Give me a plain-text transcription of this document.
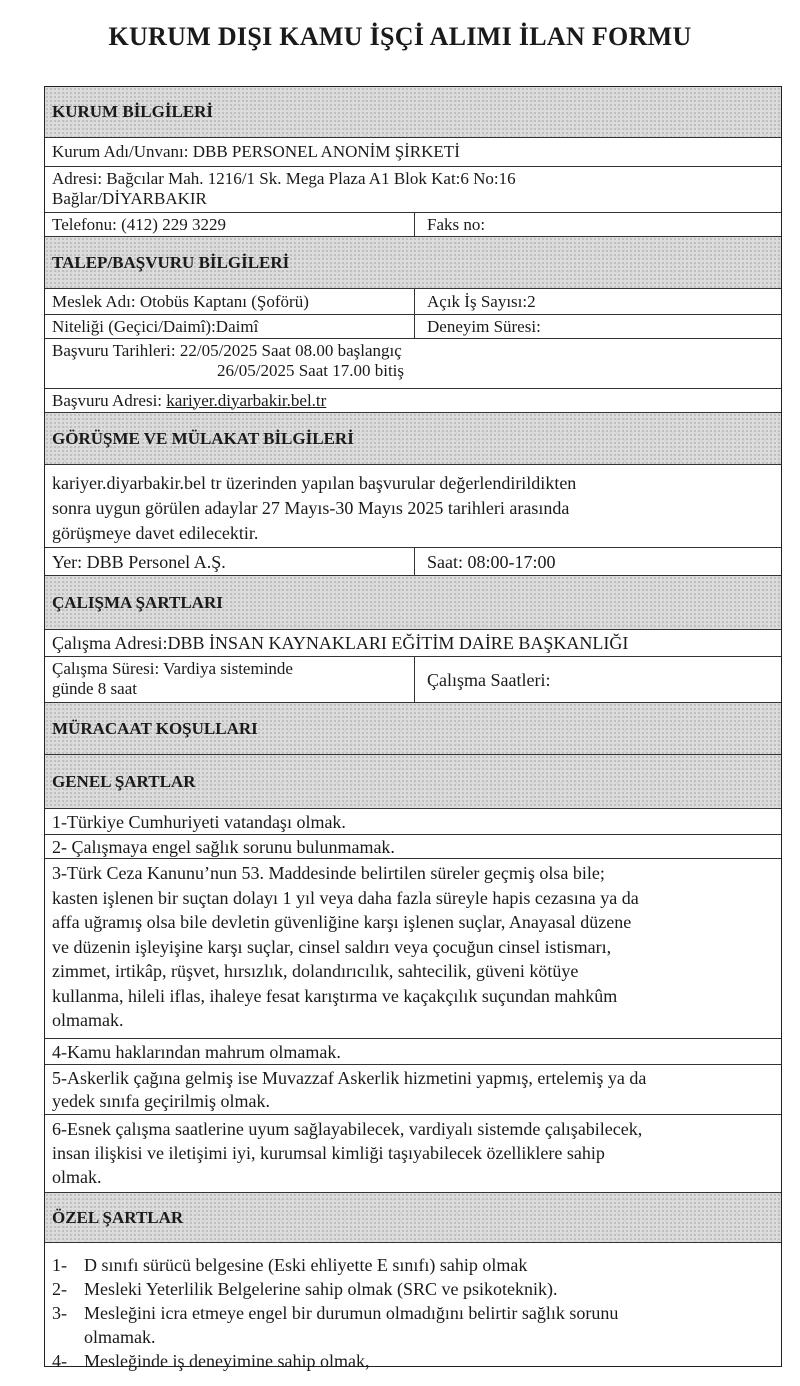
KURUM DIŞI KAMU İŞÇİ ALIMI İLAN FORMU
KURUM BİLGİLERİ
Kurum Adı/Unvanı: DBB PERSONEL ANONİM ŞİRKETİ
Adresi: Bağcılar Mah. 1216/1 Sk. Mega Plaza A1 Blok Kat:6 No:16
Bağlar/DİYARBAKIR
Telefonu: (412) 229 3229	Faks no:
TALEP/BAŞVURU BİLGİLERİ
Meslek Adı: Otobüs Kaptanı (Şoförü)	Açık İş Sayısı:2
Niteliği (Geçici/Daimî):Daimî	Deneyim Süresi:
Başvuru Tarihleri: 22/05/2025 Saat 08.00 başlangıç
26/05/2025 Saat 17.00 bitiş
Başvuru Adresi:
kariyer.diyarbakir.bel.tr
GÖRÜŞME VE MÜLAKAT BİLGİLERİ
kariyer.diyarbakir.bel tr üzerinden yapılan başvurular değerlendirildikten
sonra uygun görülen adaylar 27 Mayıs-30 Mayıs 2025 tarihleri arasında
görüşmeye davet edilecektir.
Yer: DBB Personel A.Ş.	Saat: 08:00-17:00
ÇALIŞMA ŞARTLARI
Çalışma Adresi:DBB İNSAN KAYNAKLARI EĞİTİM DAİRE BAŞKANLIĞI
Çalışma Süresi: Vardiya sisteminde
günde 8 saat	Çalışma Saatleri:
MÜRACAAT KOŞULLARI
GENEL ŞARTLAR
1-Türkiye Cumhuriyeti vatandaşı olmak.
2- Çalışmaya engel sağlık sorunu bulunmamak.
3-Türk Ceza Kanunu’nun 53. Maddesinde belirtilen süreler geçmiş olsa bile;
kasten işlenen bir suçtan dolayı 1 yıl veya daha fazla süreyle hapis cezasına ya da
affa uğramış olsa bile devletin güvenliğine karşı işlenen suçlar, Anayasal düzene
ve düzenin işleyişine karşı suçlar, cinsel saldırı veya çocuğun cinsel istismarı,
zimmet, irtikâp, rüşvet, hırsızlık, dolandırıcılık, sahtecilik, güveni kötüye
kullanma, hileli iflas, ihaleye fesat karıştırma ve kaçakçılık suçundan mahkûm
olmamak.
4-Kamu haklarından mahrum olmamak.
5-Askerlik çağına gelmiş ise Muvazzaf Askerlik hizmetini yapmış, ertelemiş ya da
yedek sınıfa geçirilmiş olmak.
6-Esnek çalışma saatlerine uyum sağlayabilecek, vardiyalı sistemde çalışabilecek,
insan ilişkisi ve iletişimi iyi, kurumsal kimliği taşıyabilecek özelliklere sahip
olmak.
ÖZEL ŞARTLAR
1- D sınıfı sürücü belgesine (Eski ehliyette E sınıfı) sahip olmak
2- Mesleki Yeterlilik Belgelerine sahip olmak (SRC ve psikoteknik).
3- Mesleğini icra etmeye engel bir durumun olmadığını belirtir sağlık sorunu
olmamak.
4- Mesleğinde iş deneyimine sahip olmak,
